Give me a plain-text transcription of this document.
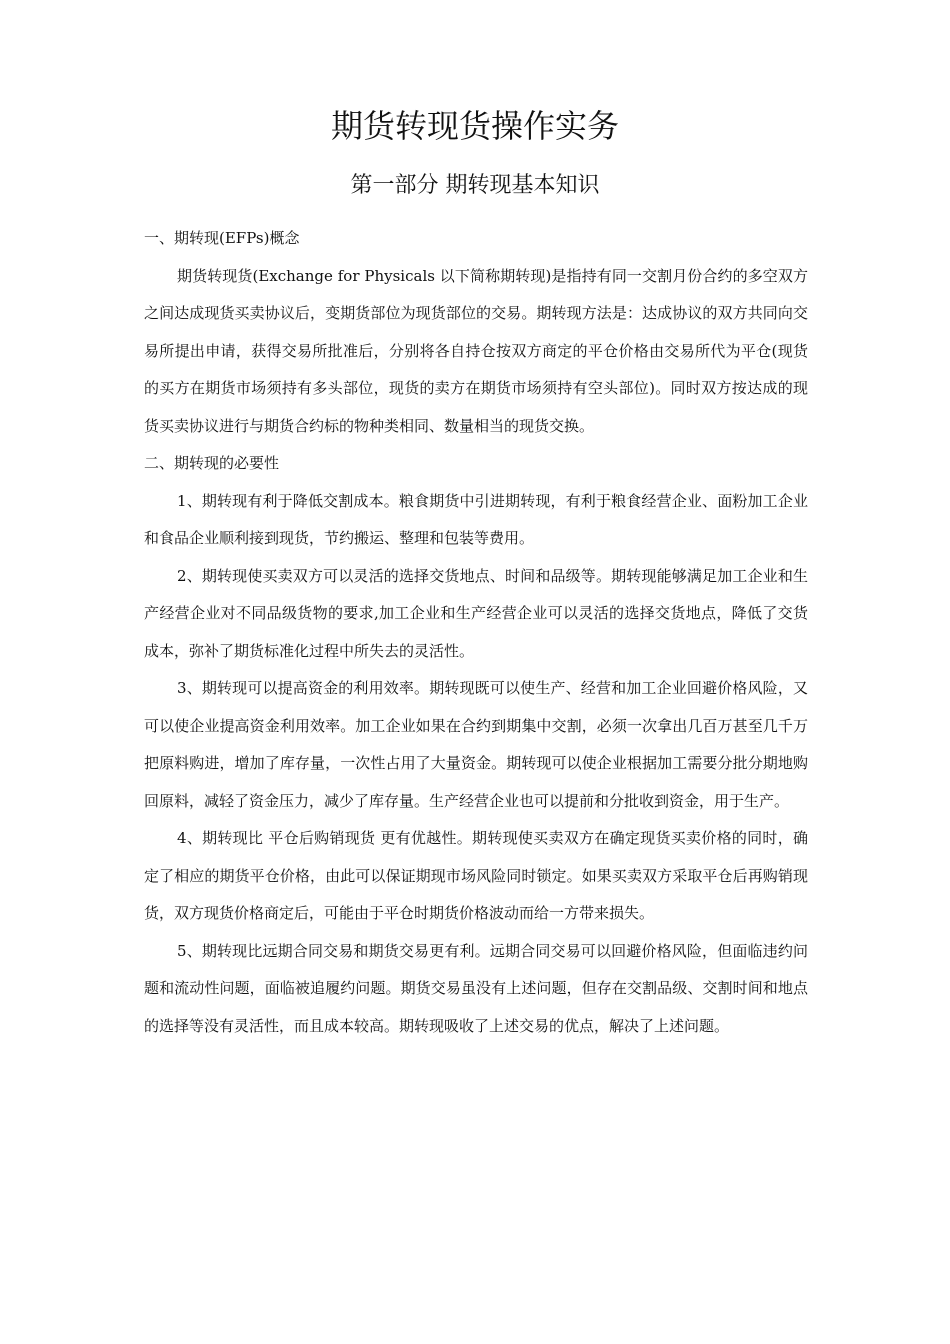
期货转现货操作实务
第一部分 期转现基本知识

一、期转现(EFPs)概念

期货转现货(Exchange for Physicals 以下简称期转现)是指持有同一交割月份合约的多空双方之间达成现货买卖协议后，变期货部位为现货部位的交易。期转现方法是：达成协议的双方共同向交易所提出申请，获得交易所批准后，分别将各自持仓按双方商定的平仓价格由交易所代为平仓(现货的买方在期货市场须持有多头部位，现货的卖方在期货市场须持有空头部位)。同时双方按达成的现货买卖协议进行与期货合约标的物种类相同、数量相当的现货交换。

二、期转现的必要性

1、期转现有利于降低交割成本。粮食期货中引进期转现，有利于粮食经营企业、面粉加工企业和食品企业顺利接到现货，节约搬运、整理和包装等费用。

2、期转现使买卖双方可以灵活的选择交货地点、时间和品级等。期转现能够满足加工企业和生产经营企业对不同品级货物的要求,加工企业和生产经营企业可以灵活的选择交货地点，降低了交货成本，弥补了期货标准化过程中所失去的灵活性。

3、期转现可以提高资金的利用效率。期转现既可以使生产、经营和加工企业回避价格风险，又可以使企业提高资金利用效率。加工企业如果在合约到期集中交割，必须一次拿出几百万甚至几千万把原料购进，增加了库存量，一次性占用了大量资金。期转现可以使企业根据加工需要分批分期地购回原料，减轻了资金压力，减少了库存量。生产经营企业也可以提前和分批收到资金，用于生产。

4、期转现比 平仓后购销现货 更有优越性。期转现使买卖双方在确定现货买卖价格的同时，确定了相应的期货平仓价格，由此可以保证期现市场风险同时锁定。如果买卖双方采取平仓后再购销现货，双方现货价格商定后，可能由于平仓时期货价格波动而给一方带来损失。

5、期转现比远期合同交易和期货交易更有利。远期合同交易可以回避价格风险，但面临违约问题和流动性问题，面临被追履约问题。期货交易虽没有上述问题，但存在交割品级、交割时间和地点的选择等没有灵活性，而且成本较高。期转现吸收了上述交易的优点，解决了上述问题。
